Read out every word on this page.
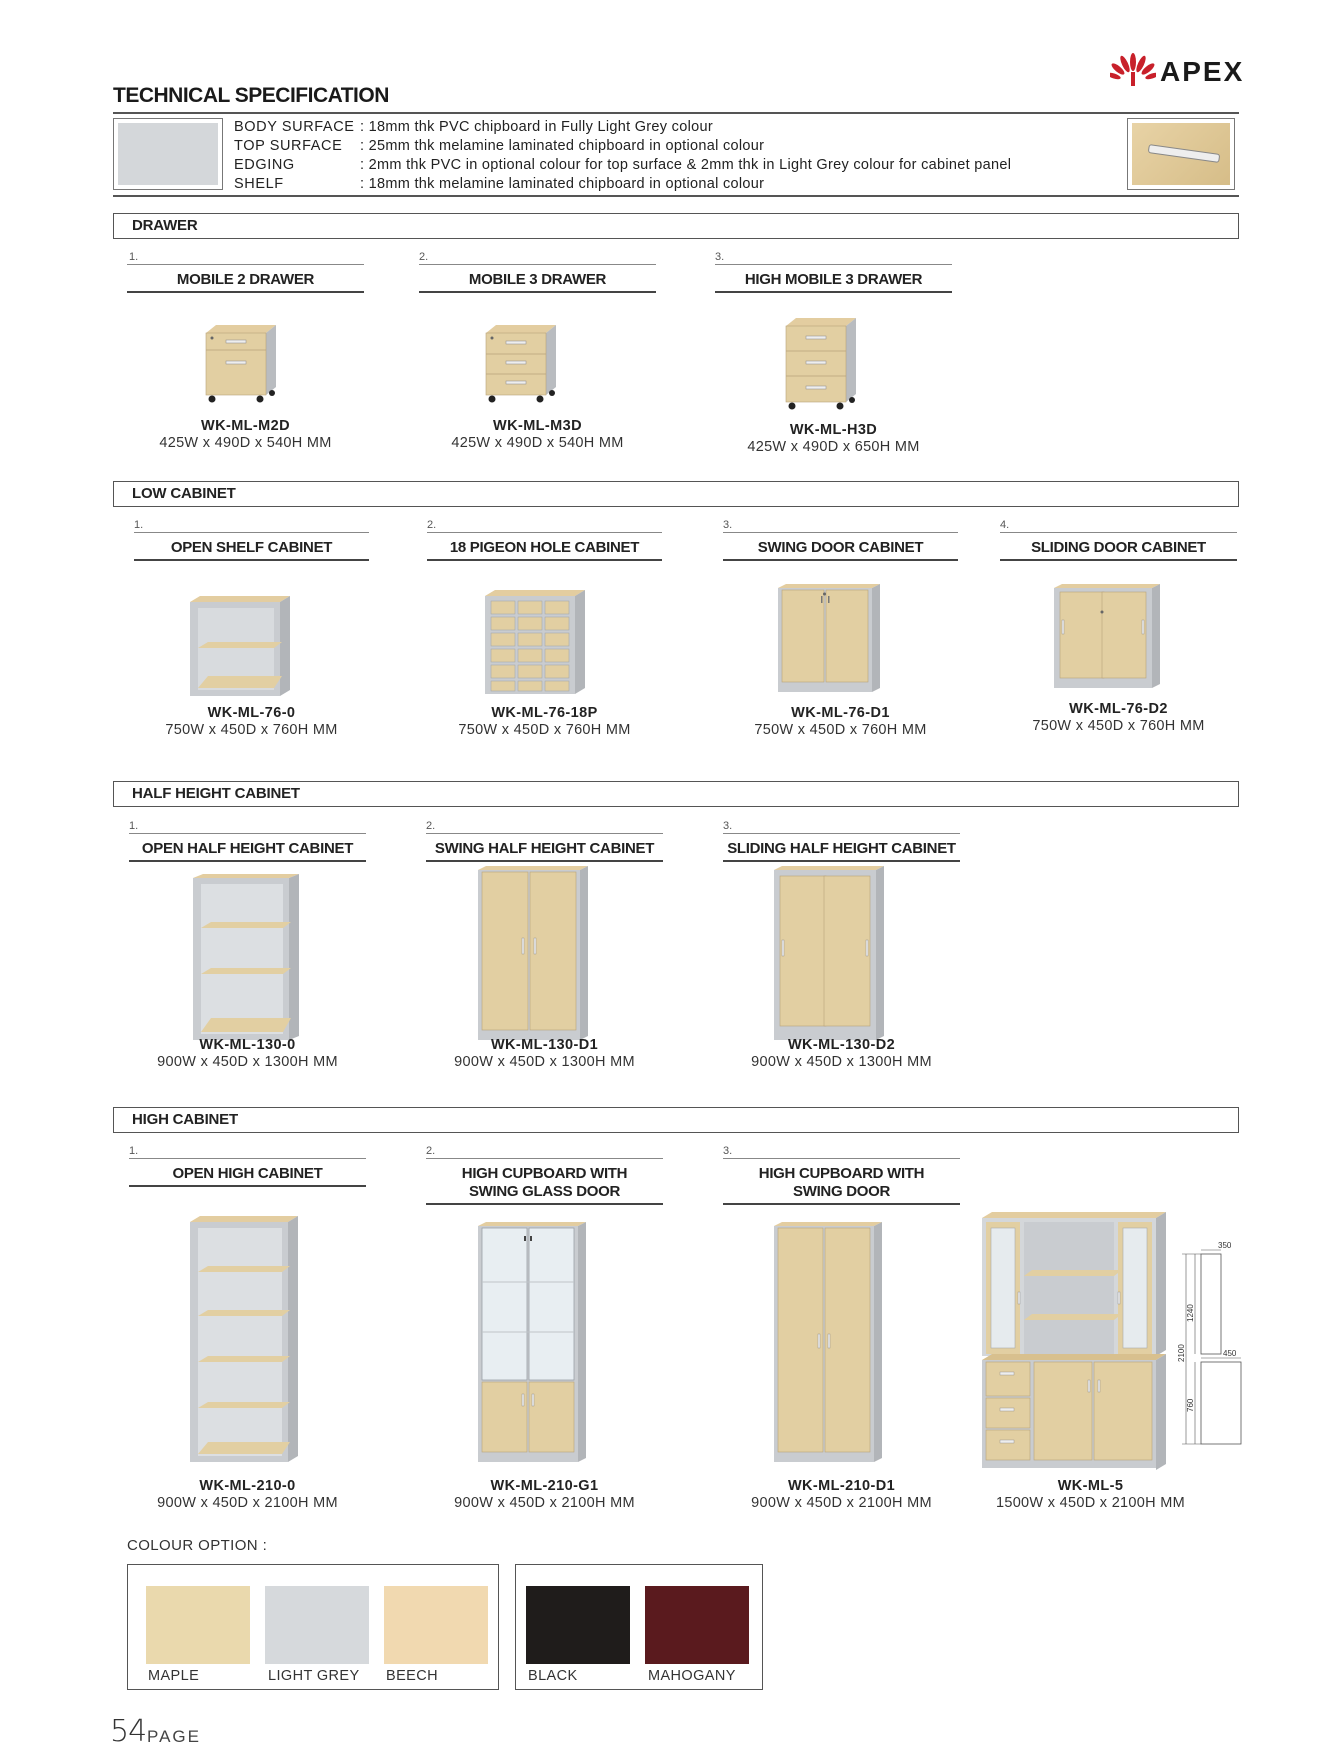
TECHNICAL SPECIFICATION
APEX
BODY SURFACE : 18mm thk PVC chipboard in Fully Light Grey colour
TOP SURFACE	: 25mm thk melamine laminated chipboard in optional colour
EDGING	: 2mm thk PVC in optional colour for top surface & 2mm thk in Light Grey colour for cabinet panel
SHELF	: 18mm thk melamine laminated chipboard in optional colour
DRAWER
LOW CABINET
HALF HEIGHT CABINET
HIGH CABINET
1.
MOBILE 2 DRAWER
2.
MOBILE 3 DRAWER
3.
HIGH MOBILE 3 DRAWER
WK-ML-M2D
425W x 490D x 540H MM
WK-ML-M3D
425W x 490D x 540H MM
WK-ML-H3D
425W x 490D x 650H MM
1.
OPEN SHELF CABINET
2.
18 PIGEON HOLE CABINET
3.
SWING DOOR CABINET
4.
SLIDING DOOR CABINET
WK-ML-76-0
750W x 450D x 760H MM
WK-ML-76-18P
750W x 450D x 760H MM
WK-ML-76-D1
750W x 450D x 760H MM
WK-ML-76-D2
750W x 450D x 760H MM
1.
OPEN HALF HEIGHT CABINET
2.
SWING HALF HEIGHT CABINET
3.
SLIDING HALF HEIGHT CABINET
WK-ML-130-0
900W x 450D x 1300H MM
WK-ML-130-D1
900W x 450D x 1300H MM
WK-ML-130-D2
900W x 450D x 1300H MM
1.
OPEN HIGH CABINET
2.
HIGH CUPBOARD WITH
SWING GLASS DOOR
3.
HIGH CUPBOARD WITH
SWING DOOR
WK-ML-210-0
900W x 450D x 2100H MM
WK-ML-210-G1
900W x 450D x 2100H MM
WK-ML-210-D1
900W x 450D x 2100H MM
350
450
1240
2100
760
WK-ML-5
1500W x 450D x 2100H MM
COLOUR OPTION :
MAPLE	LIGHT GREY BEECH	BLACK	MAHOGANY
54 PAGE
